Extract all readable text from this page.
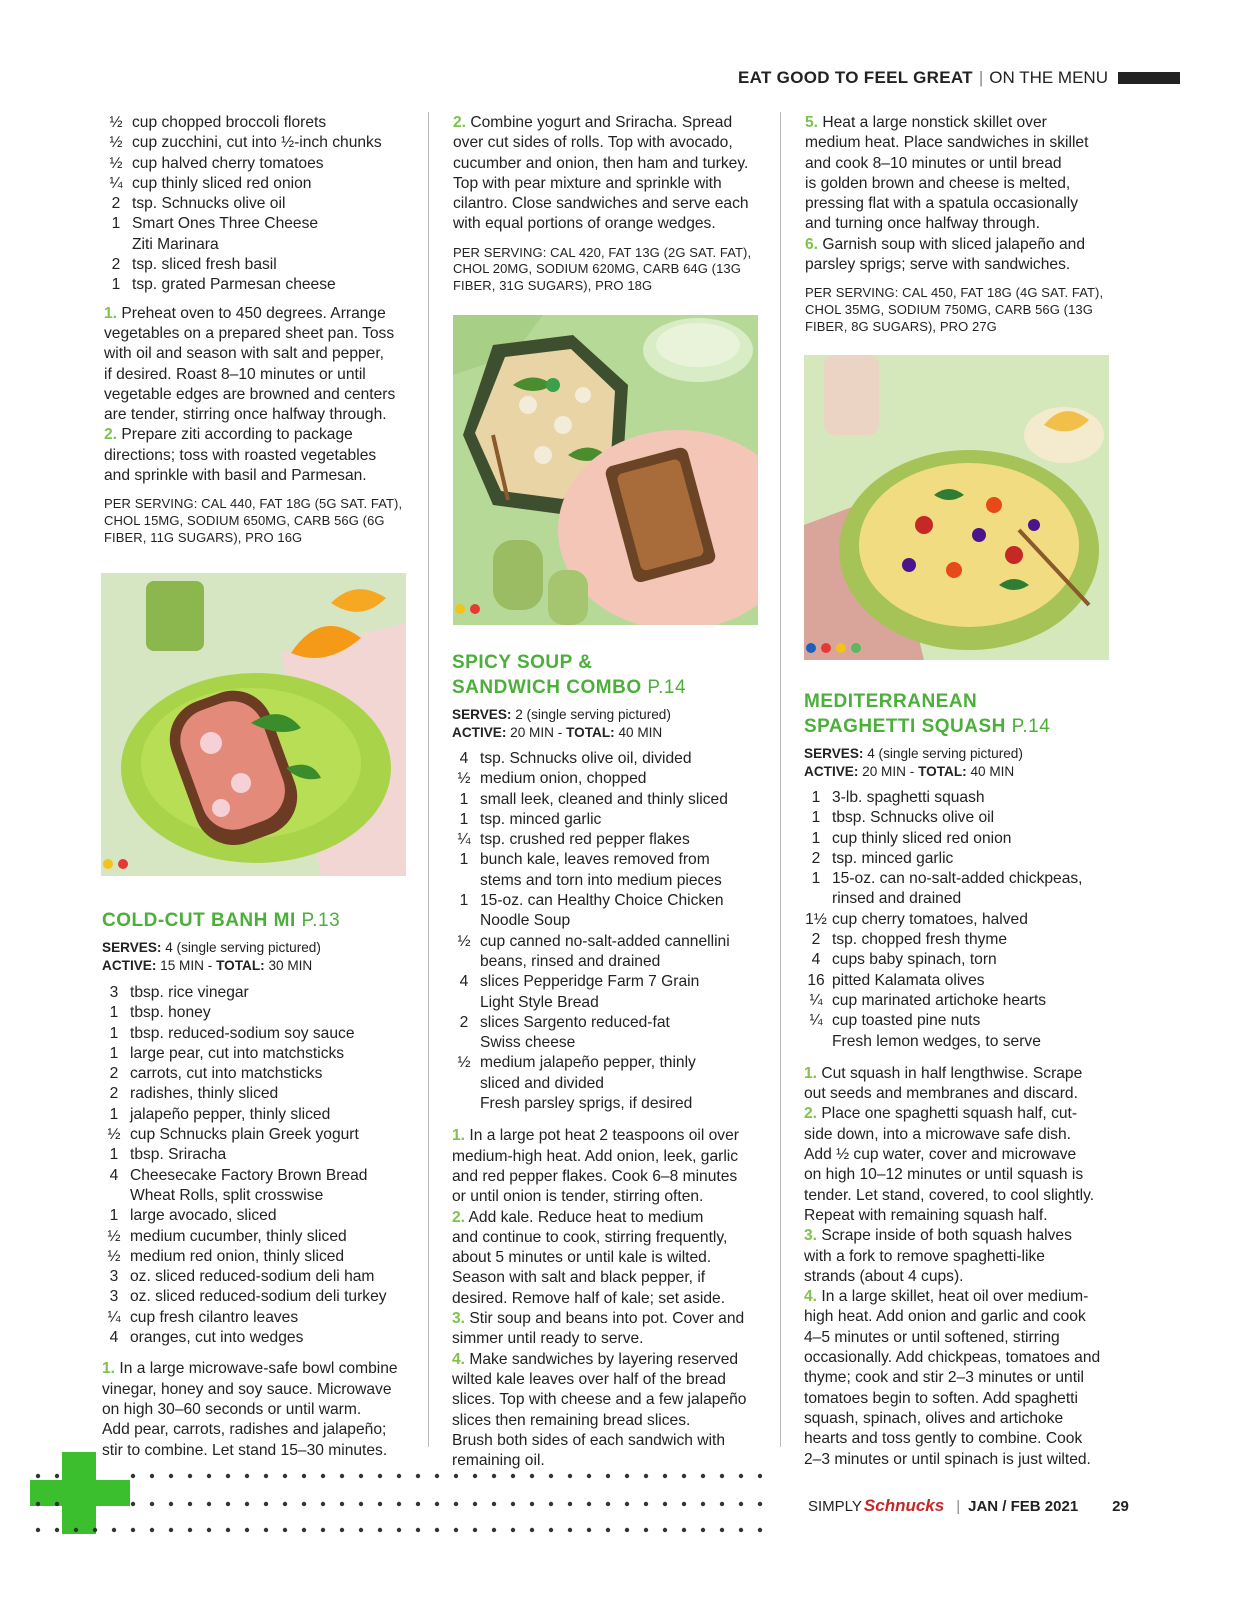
EAT GOOD TO FEEL GREAT | ON THE MENU
½ cup chopped broccoli florets
½ cup zucchini, cut into ½-inch chunks
½ cup halved cherry tomatoes
¼ cup thinly sliced red onion
2 tsp. Schnucks olive oil
1 Smart Ones Three Cheese
Ziti Marinara
2 tsp. sliced fresh basil
1 tsp. grated Parmesan cheese

1. Preheat oven to 450 degrees. Arrange

vegetables on a prepared sheet pan. Toss

with oil and season with salt and pepper,

if desired. Roast 8–10 minutes or until

vegetable edges are browned and centers

are tender, stirring once halfway through.

2. Prepare ziti according to package

directions; toss with roasted vegetables

and sprinkle with basil and Parmesan.

PER SERVING: CAL 440, FAT 18G (5G SAT. FAT),
CHOL 15MG, SODIUM 650MG, CARB 56G (6G
FIBER, 11G SUGARS), PRO 16G

COLD-CUT BANH MI P.13

SERVES: 4 (single serving pictured)

ACTIVE: 15 MIN - TOTAL: 30 MIN

3 tbsp. rice vinegar
1 tbsp. honey
1 tbsp. reduced-sodium soy sauce
1 large pear, cut into matchsticks
2 carrots, cut into matchsticks
2 radishes, thinly sliced
1 jalapeño pepper, thinly sliced
½ cup Schnucks plain Greek yogurt
1 tbsp. Sriracha
4 Cheesecake Factory Brown Bread
Wheat Rolls, split crosswise
1 large avocado, sliced
½ medium cucumber, thinly sliced
½ medium red onion, thinly sliced
3 oz. sliced reduced-sodium deli ham
3 oz. sliced reduced-sodium deli turkey
¼ cup fresh cilantro leaves
4 oranges, cut into wedges

1. In a large microwave-safe bowl combine

vinegar, honey and soy sauce. Microwave

on high 30–60 seconds or until warm.

Add pear, carrots, radishes and jalapeño;

stir to combine. Let stand 15–30 minutes.

2. Combine yogurt and Sriracha. Spread

over cut sides of rolls. Top with avocado,

cucumber and onion, then ham and turkey.

Top with pear mixture and sprinkle with

cilantro. Close sandwiches and serve each

with equal portions of orange wedges.

PER SERVING: CAL 420, FAT 13G (2G SAT. FAT),
CHOL 20MG, SODIUM 620MG, CARB 64G (13G
FIBER, 31G SUGARS), PRO 18G

SPICY SOUP &
SANDWICH COMBO P.14

SERVES: 2 (single serving pictured)

ACTIVE: 20 MIN - TOTAL: 40 MIN

4 tsp. Schnucks olive oil, divided
½ medium onion, chopped
1 small leek, cleaned and thinly sliced
1 tsp. minced garlic
¼ tsp. crushed red pepper flakes
1 bunch kale, leaves removed from
stems and torn into medium pieces
1 15-oz. can Healthy Choice Chicken
Noodle Soup
½ cup canned no-salt-added cannellini
beans, rinsed and drained
4 slices Pepperidge Farm 7 Grain
Light Style Bread
2 slices Sargento reduced-fat
Swiss cheese
½ medium jalapeño pepper, thinly
sliced and divided
Fresh parsley sprigs, if desired

1. In a large pot heat 2 teaspoons oil over

medium-high heat. Add onion, leek, garlic

and red pepper flakes. Cook 6–8 minutes

or until onion is tender, stirring often.

2. Add kale. Reduce heat to medium

and continue to cook, stirring frequently,

about 5 minutes or until kale is wilted.

Season with salt and black pepper, if

desired. Remove half of kale; set aside.

3. Stir soup and beans into pot. Cover and

simmer until ready to serve.

4. Make sandwiches by layering reserved

wilted kale leaves over half of the bread

slices. Top with cheese and a few jalapeño

slices then remaining bread slices.

Brush both sides of each sandwich with

remaining oil.

5. Heat a large nonstick skillet over

medium heat. Place sandwiches in skillet

and cook 8–10 minutes or until bread

is golden brown and cheese is melted,

pressing flat with a spatula occasionally

and turning once halfway through.

6. Garnish soup with sliced jalapeño and

parsley sprigs; serve with sandwiches.

PER SERVING: CAL 450, FAT 18G (4G SAT. FAT),
CHOL 35MG, SODIUM 750MG, CARB 56G (13G
FIBER, 8G SUGARS), PRO 27G

MEDITERRANEAN
SPAGHETTI SQUASH P.14

SERVES: 4 (single serving pictured)

ACTIVE: 20 MIN - TOTAL: 40 MIN

1 3-lb. spaghetti squash
1 tbsp. Schnucks olive oil
1 cup thinly sliced red onion
2 tsp. minced garlic
1 15-oz. can no-salt-added chickpeas,
rinsed and drained
1½ cup cherry tomatoes, halved
2 tsp. chopped fresh thyme
4 cups baby spinach, torn
16 pitted Kalamata olives
¼ cup marinated artichoke hearts
¼ cup toasted pine nuts
Fresh lemon wedges, to serve

1. Cut squash in half lengthwise. Scrape

out seeds and membranes and discard.

2. Place one spaghetti squash half, cut-

side down, into a microwave safe dish.

Add ½ cup water, cover and microwave

on high 10–12 minutes or until squash is

tender. Let stand, covered, to cool slightly.

Repeat with remaining squash half.

3. Scrape inside of both squash halves

with a fork to remove spaghetti-like

strands (about 4 cups).

4. In a large skillet, heat oil over medium-

high heat. Add onion and garlic and cook

4–5 minutes or until softened, stirring

occasionally. Add chickpeas, tomatoes and

thyme; cook and stir 2–3 minutes or until

tomatoes begin to soften. Add spaghetti

squash, spinach, olives and artichoke

hearts and toss gently to combine. Cook

2–3 minutes or until spinach is just wilted.

SIMPLY Schnucks | JAN / FEB 2021 29
